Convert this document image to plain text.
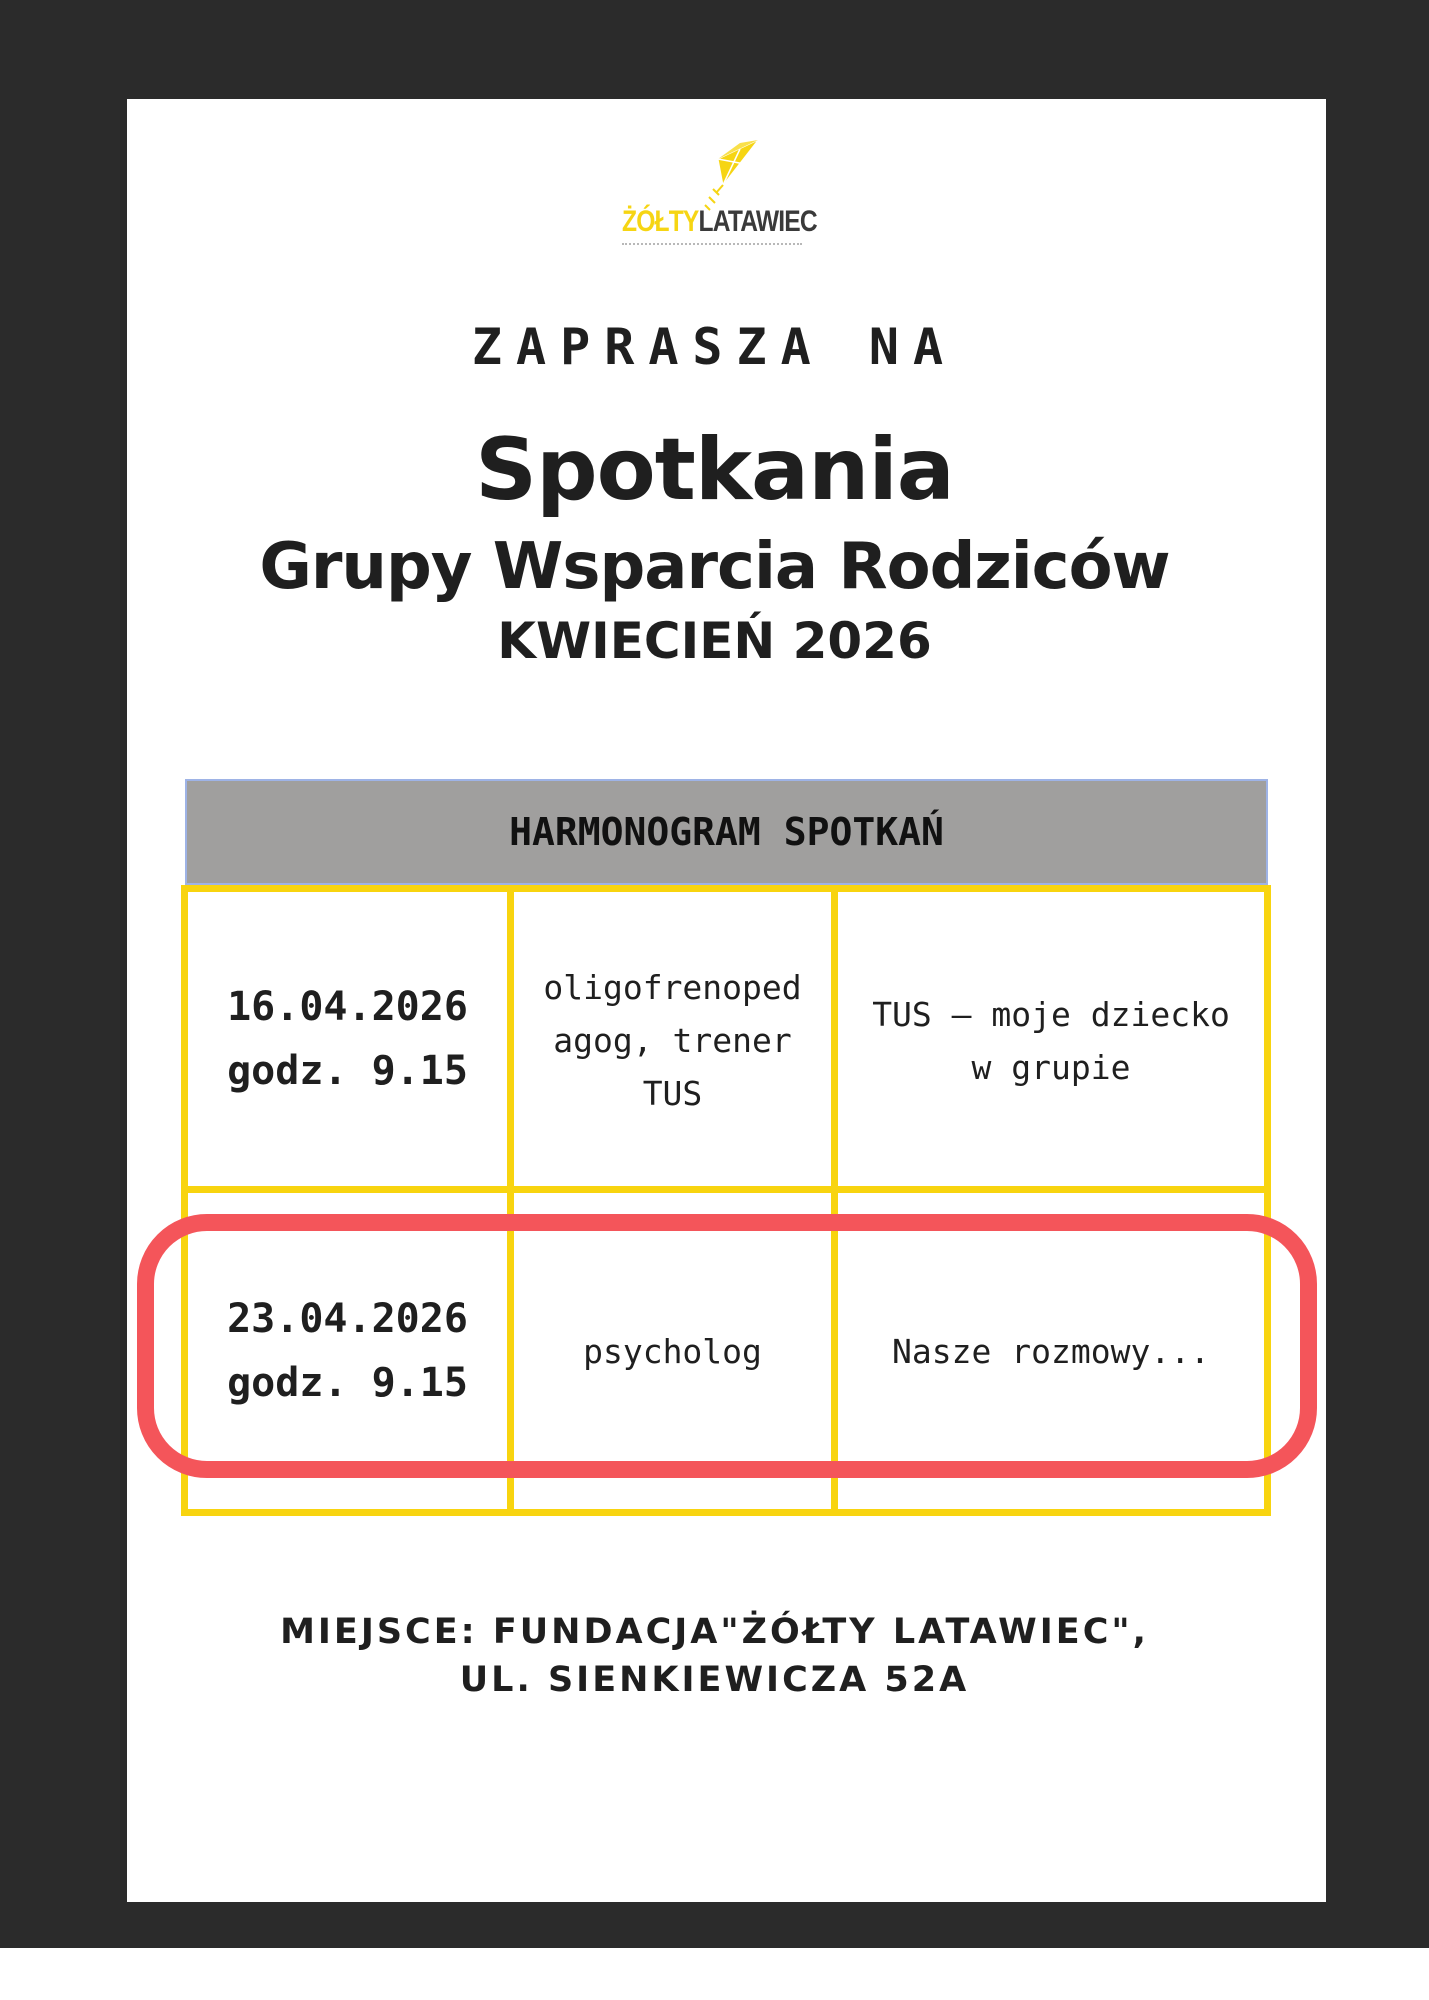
ŻÓŁTYLATAWIEC
ZAPRASZA NA
Spotkania
Grupy Wsparcia Rodziców
KWIECIEŃ 2026
HARMONOGRAM SPOTKAŃ
16.04.2026
godz. 9.15
oligofrenoped
agog, trener
TUS
TUS – moje dziecko
w grupie
23.04.2026
godz. 9.15
psycholog	Nasze rozmowy...
MIEJSCE: FUNDACJA"ŻÓŁTY LATAWIEC",
UL. SIENKIEWICZA 52A
